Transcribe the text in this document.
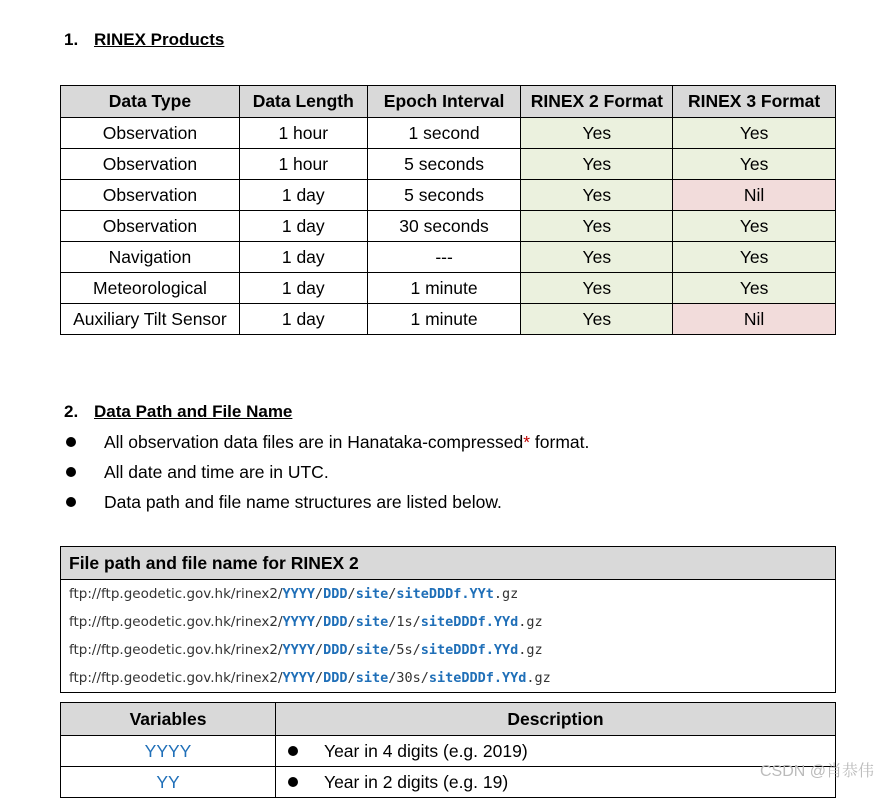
1. RINEX Products
Data Type	Data Length	Epoch Interval	RINEX 2 Format	RINEX 3 Format
Observation	1 hour	1 second	Yes	Yes
Observation	1 hour	5 seconds	Yes	Yes
Observation	1 day	5 seconds	Yes	Nil
Observation	1 day	30 seconds	Yes	Yes
Navigation	1 day	---	Yes	Yes
Meteorological	1 day	1 minute	Yes	Yes
Auxiliary Tilt Sensor	1 day	1 minute	Yes	Nil
2. Data Path and File Name
All observation data files are in Hanataka-compressed* format.
All date and time are in UTC.
Data path and file name structures are listed below.
File path and file name for RINEX 2
ftp://ftp.geodetic.gov.hk/rinex2/YYYY/DDD/site/siteDDDf.YYt.gz
ftp://ftp.geodetic.gov.hk/rinex2/YYYY/DDD/site/1s/siteDDDf.YYd.gz
ftp://ftp.geodetic.gov.hk/rinex2/YYYY/DDD/site/5s/siteDDDf.YYd.gz
ftp://ftp.geodetic.gov.hk/rinex2/YYYY/DDD/site/30s/siteDDDf.YYd.gz
Variables	Description
YYYY	Year in 4 digits (e.g. 2019)
YY	Year in 2 digits (e.g. 19)	CSDN @肖恭伟
